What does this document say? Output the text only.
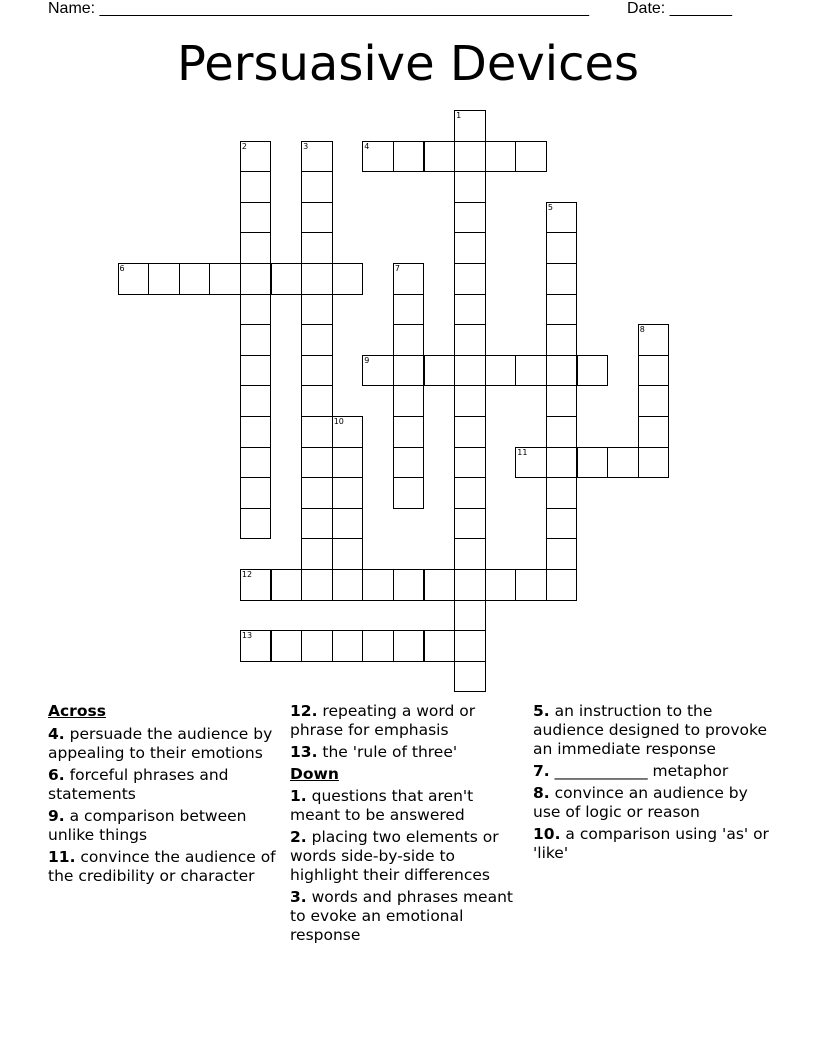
Name: _______________________________________________________ Date: _______
Persuasive Devices
1
2	3	4
5
6	7
8
9
10
11
12
13
Across
4. persuade the audience by appealing to their emotions
6. forceful phrases and statements
9. a comparison between unlike things
11. convince the audience of the credibility or character
12. repeating a word or phrase for emphasis
13. the 'rule of three'
Down
1. questions that aren't meant to be answered
2. placing two elements or words side-by-side to highlight their differences
3. words and phrases meant to evoke an emotional response
5. an instruction to the audience designed to provoke an immediate response
7. ____________ metaphor
8. convince an audience by use of logic or reason
10. a comparison using 'as' or 'like'
